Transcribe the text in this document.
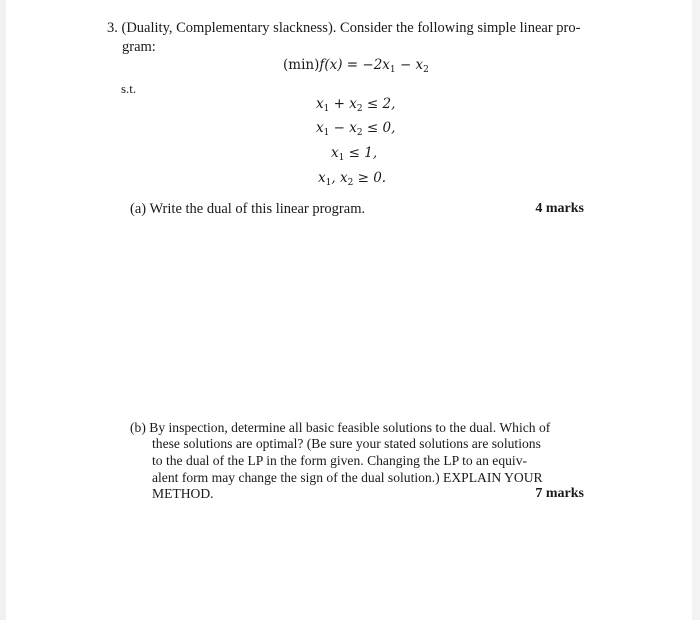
3. (Duality, Complementary slackness). Consider the following simple linear pro-
gram:
$(\min)f(x) = -2x_1 - x_2$
s.t.
$x_1 + x_2 \le 2$,
$x_1 - x_2 \le 0$,
$x_1 \le 1$,
$x_1$, $x_2 \ge 0$.
(a) Write the dual of this linear program.	4 marks
(b) By inspection, determine all basic feasible solutions to the dual. Which of
these solutions are optimal? (Be sure your stated solutions are solutions
to the dual of the LP in the form given. Changing the LP to an equiv-
alent form may change the sign of the dual solution.) EXPLAIN YOUR
METHOD.	7 marks
